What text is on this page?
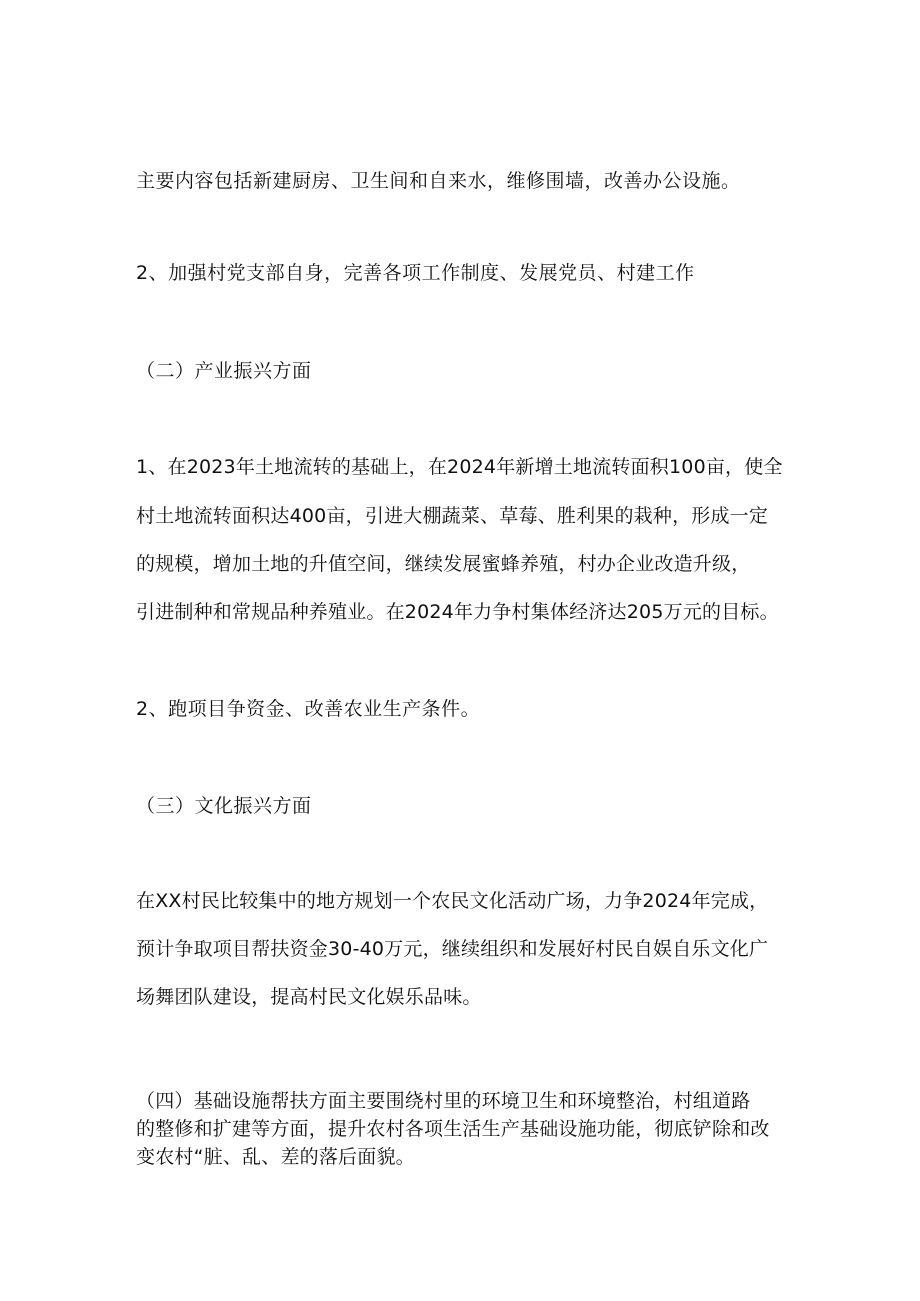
主要内容包括新建厨房、卫生间和自来水，维修围墙，改善办公设施。

2、加强村党支部自身，完善各项工作制度、发展党员、村建工作

（二）产业振兴方面

1、在2023年土地流转的基础上，在2024年新增土地流转面积100亩，使全

村土地流转面积达400亩，引进大棚蔬菜、草莓、胜利果的栽种，形成一定

的规模，增加土地的升值空间，继续发展蜜蜂养殖，村办企业改造升级，

引进制种和常规品种养殖业。在2024年力争村集体经济达205万元的目标。

2、跑项目争资金、改善农业生产条件。

（三）文化振兴方面

在XX村民比较集中的地方规划一个农民文化活动广场，力争2024年完成，

预计争取项目帮扶资金30-40万元，继续组织和发展好村民自娱自乐文化广

场舞团队建设，提高村民文化娱乐品味。

（四）基础设施帮扶方面主要围绕村里的环境卫生和环境整治，村组道路

的整修和扩建等方面，提升农村各项生活生产基础设施功能，彻底铲除和改

变农村“脏、乱、差的落后面貌。
